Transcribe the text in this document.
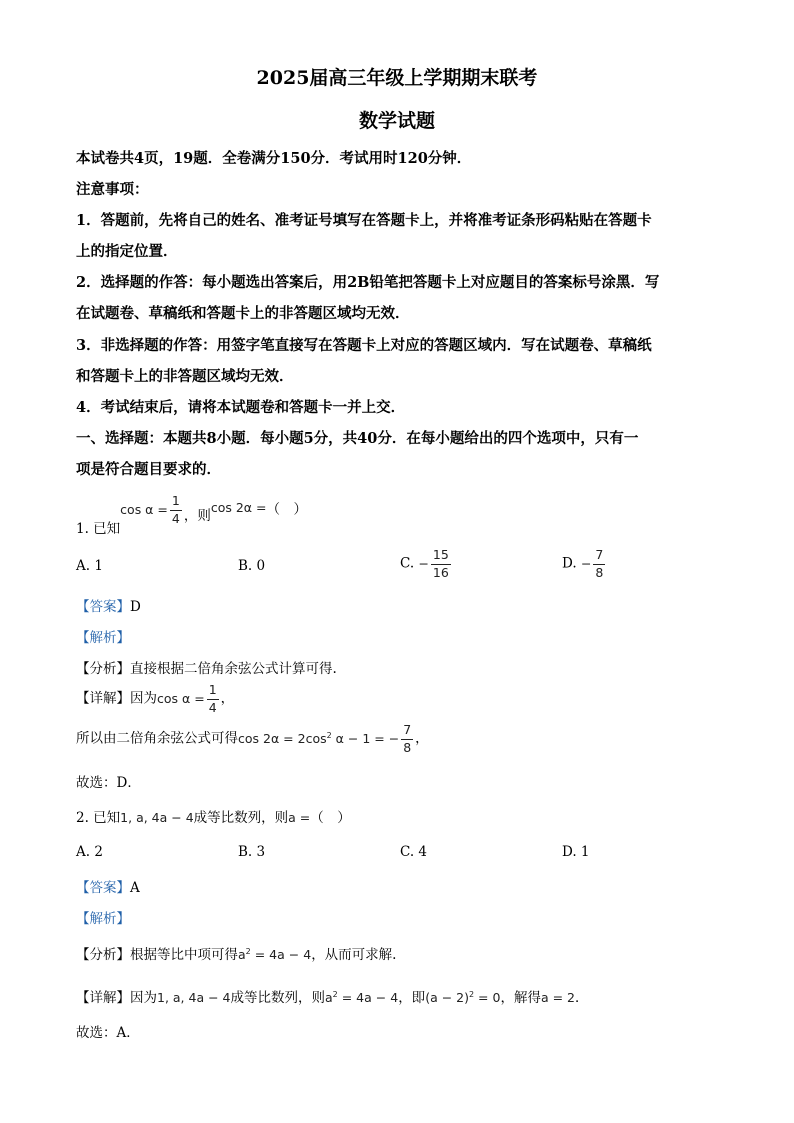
2025届高三年级上学期期末联考
数学试题
本试卷共4页，19题．全卷满分150分．考试用时120分钟．
注意事项：
1．答题前，先将自己的姓名、准考证号填写在答题卡上，并将准考证条形码粘贴在答题卡
上的指定位置．
2．选择题的作答：每小题选出答案后，用2B铅笔把答题卡上对应题目的答案标号涂黑．写
在试题卷、草稿纸和答题卡上的非答题区域均无效．
3．非选择题的作答：用签字笔直接写在答题卡上对应的答题区域内．写在试题卷、草稿纸
和答题卡上的非答题区域均无效．
4．考试结束后，请将本试题卷和答题卡一并上交．
一、选择题：本题共8小题．每小题5分，共40分．在每小题给出的四个选项中，只有一
项是符合题目要求的．
1. 已知$\cos \alpha = \frac{1}{4}$ ，则cos 2α =（　）
A. 1	B. 0	C. − $\frac{15}{16}$	D. − $\frac{7}{8}$
【答案】D
【解析】
【分析】直接根据二倍角余弦公式计算可得.
【详解】因为$\cos \alpha = \frac{1}{4}$ ，
所以由二倍角余弦公式可得$\cos 2\alpha = 2\cos^2$ α − 1 = − $\frac{7}{8}$ ，
故选：D．
2. 已知1, a, 4a − 4成等比数列，则a =（　）
A. 2	B. 3	C. 4	D. 1
【答案】A
【解析】
【分析】根据等比中项可得$a^2 = 4a - 4$，从而可求解.
【详解】因为1, a, 4a − 4成等比数列，则$a^2 = 4a - 4$，即$(a - 2)^2 = 0$，解得a = 2．
故选：A．
